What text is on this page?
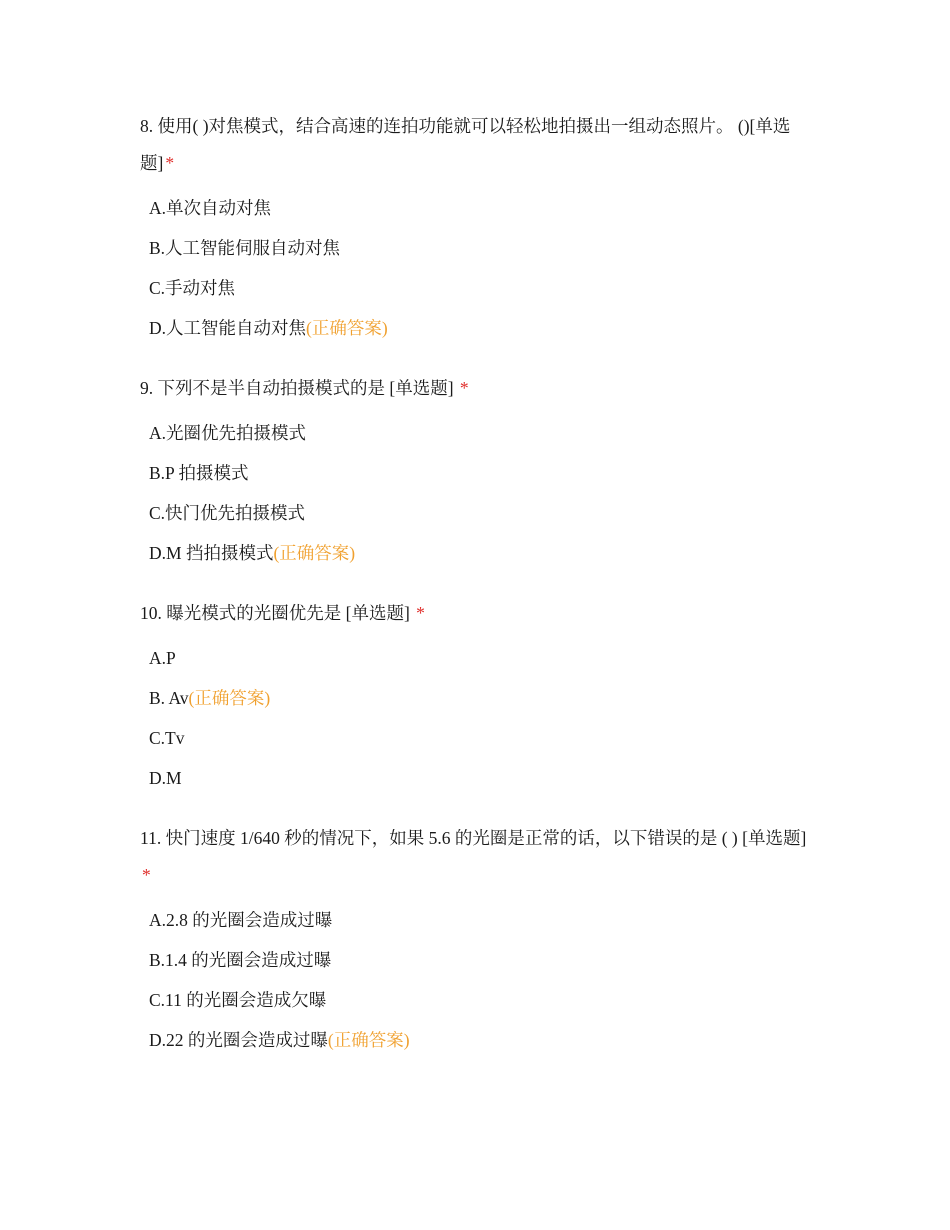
8. 使用( )对焦模式，结合高速的连拍功能就可以轻松地拍摄出一组动态照片。 ()[单选题] *

A.单次自动对焦

B.人工智能伺服自动对焦

C.手动对焦

D.人工智能自动对焦(正确答案)

9. 下列不是半自动拍摄模式的是 [单选题] *

A.光圈优先拍摄模式

B.P 拍摄模式

C.快门优先拍摄模式

D.M 挡拍摄模式(正确答案)

10. 曝光模式的光圈优先是 [单选题] *

A.P

B. Av(正确答案)

C.Tv

D.M

11. 快门速度 1/640 秒的情况下，如果 5.6 的光圈是正常的话，以下错误的是 ( ) [单选题] *

A.2.8 的光圈会造成过曝

B.1.4 的光圈会造成过曝

C.11 的光圈会造成欠曝

D.22 的光圈会造成过曝(正确答案)
